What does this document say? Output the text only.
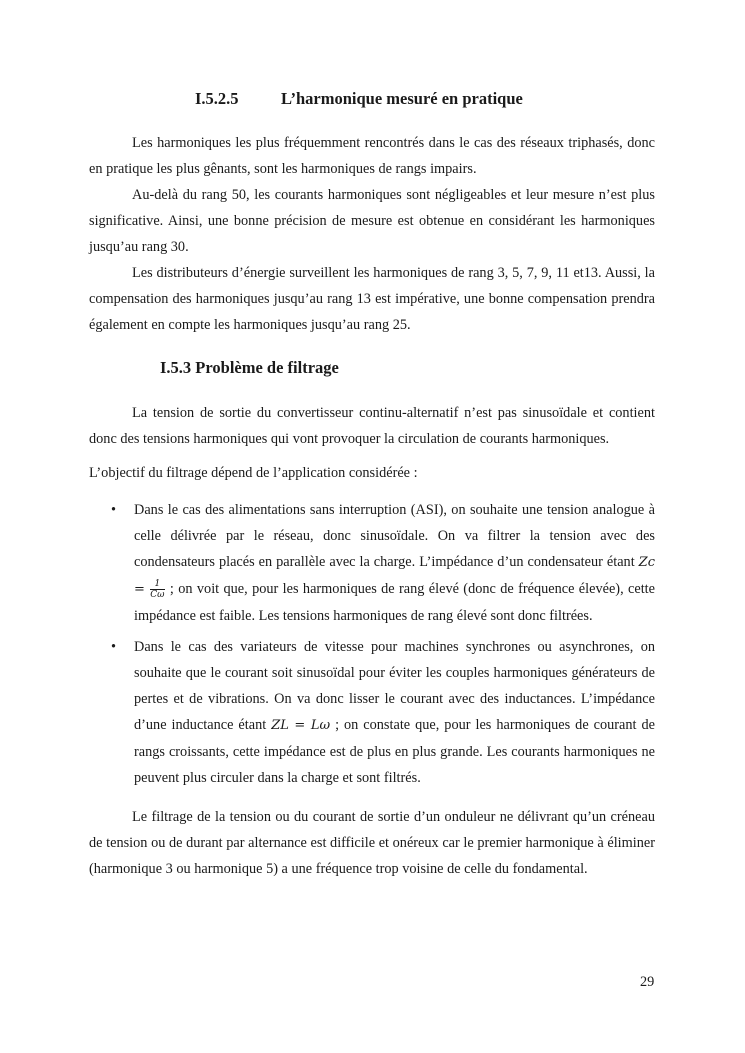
I.5.2.5	L’harmonique mesuré en pratique

Les harmoniques les plus fréquemment rencontrés dans le cas des réseaux triphasés, donc en pratique les plus gênants, sont les harmoniques de rangs impairs.

Au-delà du rang 50, les courants harmoniques sont négligeables et leur mesure n’est plus significative. Ainsi, une bonne précision de mesure est obtenue en considérant les harmoniques jusqu’au rang 30.

Les distributeurs d’énergie surveillent les harmoniques de rang 3, 5, 7, 9, 11 et13. Aussi, la compensation des harmoniques jusqu’au rang 13 est impérative, une bonne compensation prendra également en compte les harmoniques jusqu’au rang 25.

I.5.3 Problème de filtrage

La tension de sortie du convertisseur continu-alternatif n’est pas sinusoïdale et contient donc des tensions harmoniques qui vont provoquer la circulation de courants harmoniques.

L’objectif du filtrage dépend de l’application considérée :

• Dans le cas des alimentations sans interruption (ASI), on souhaite une tension analogue à celle délivrée par le réseau, donc sinusoïdale. On va filtrer la tension avec des condensateurs placés en parallèle avec la charge. L’impédance d’un condensateur étant $Zc = \frac{1}{C\omega}$ ; on voit que, pour les harmoniques de rang élevé (donc de fréquence élevée), cette impédance est faible. Les tensions harmoniques de rang élevé sont donc filtrées.
• Dans le cas des variateurs de vitesse pour machines synchrones ou asynchrones, on souhaite que le courant soit sinusoïdal pour éviter les couples harmoniques générateurs de pertes et de vibrations. On va donc lisser le courant avec des inductances. L’impédance d’une inductance étant ZL = Lω ; on constate que, pour les harmoniques de courant de rangs croissants, cette impédance est de plus en plus grande. Les courants harmoniques ne peuvent plus circuler dans la charge et sont filtrés.

Le filtrage de la tension ou du courant de sortie d’un onduleur ne délivrant qu’un créneau de tension ou de durant par alternance est difficile et onéreux car le premier harmonique à éliminer (harmonique 3 ou harmonique 5) a une fréquence trop voisine de celle du fondamental.

29
